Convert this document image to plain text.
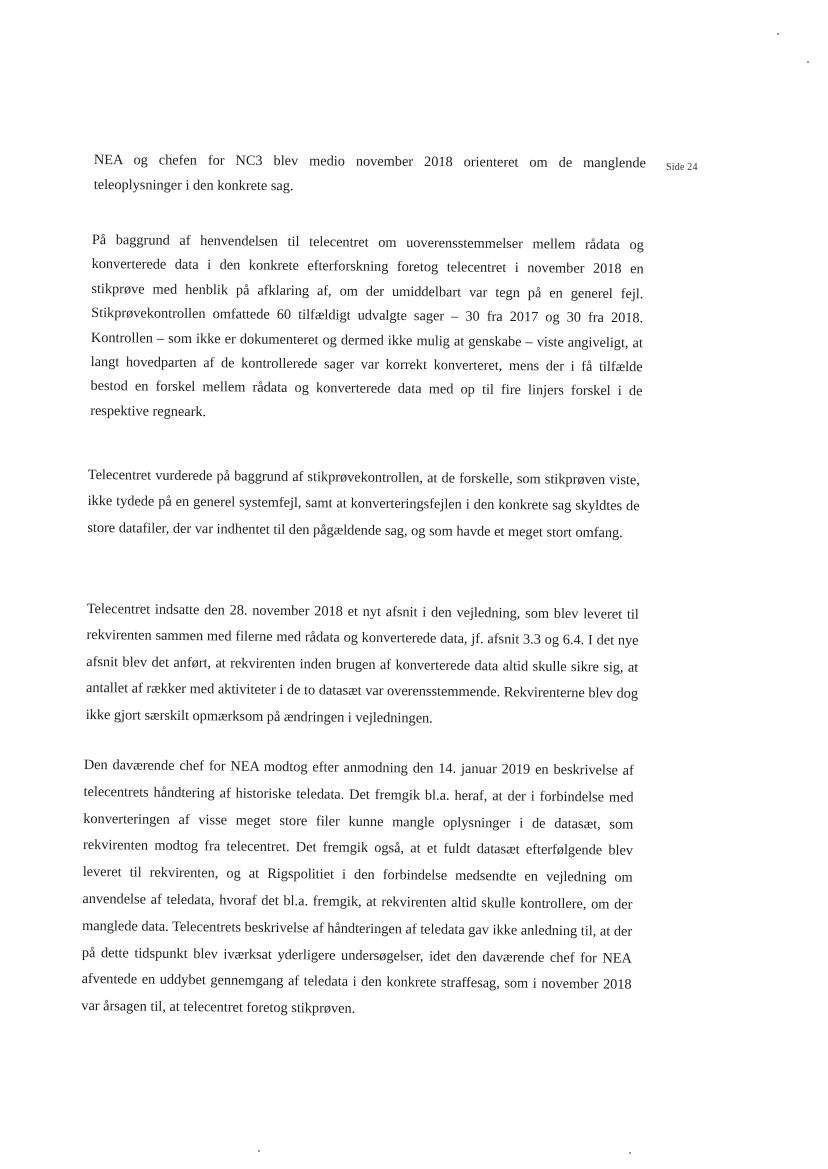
Side 24

NEA og chefen for NC3 blev medio november 2018 orienteret om de manglende teleoplysninger i den konkrete sag.

På baggrund af henvendelsen til telecentret om uoverensstemmelser mellem rådata og konverterede data i den konkrete efterforskning foretog telecentret i november 2018 en stikprøve med henblik på afklaring af, om der umiddelbart var tegn på en generel fejl. Stikprøvekontrollen omfattede 60 tilfældigt udvalgte sager – 30 fra 2017 og 30 fra 2018. Kontrollen – som ikke er dokumenteret og dermed ikke mulig at genskabe – viste angiveligt, at langt hovedparten af de kontrollerede sager var korrekt konverteret, mens der i få tilfælde bestod en forskel mellem rådata og konverterede data med op til fire linjers forskel i de respektive regneark.

Telecentret vurderede på baggrund af stikprøvekontrollen, at de forskelle, som stikprøven viste, ikke tydede på en generel systemfejl, samt at konverteringsfejlen i den konkrete sag skyldtes de store datafiler, der var indhentet til den pågældende sag, og som havde et meget stort omfang.

Telecentret indsatte den 28. november 2018 et nyt afsnit i den vejledning, som blev leveret til rekvirenten sammen med filerne med rådata og konverterede data, jf. afsnit 3.3 og 6.4. I det nye afsnit blev det anført, at rekvirenten inden brugen af konverterede data altid skulle sikre sig, at antallet af rækker med aktiviteter i de to datasæt var overensstemmende. Rekvirenterne blev dog ikke gjort særskilt opmærksom på ændringen i vejledningen.

Den daværende chef for NEA modtog efter anmodning den 14. januar 2019 en beskrivelse af telecentrets håndtering af historiske teledata. Det fremgik bl.a. heraf, at der i forbindelse med konverteringen af visse meget store filer kunne mangle oplysninger i de datasæt, som rekvirenten modtog fra telecentret. Det fremgik også, at et fuldt datasæt efterfølgende blev leveret til rekvirenten, og at Rigspolitiet i den forbindelse medsendte en vejledning om anvendelse af teledata, hvoraf det bl.a. fremgik, at rekvirenten altid skulle kontrollere, om der manglede data. Telecentrets beskrivelse af håndteringen af teledata gav ikke anledning til, at der på dette tidspunkt blev iværksat yderligere undersøgelser, idet den daværende chef for NEA afventede en uddybet gennemgang af teledata i den konkrete straffesag, som i november 2018 var årsagen til, at telecentret foretog stikprøven.
